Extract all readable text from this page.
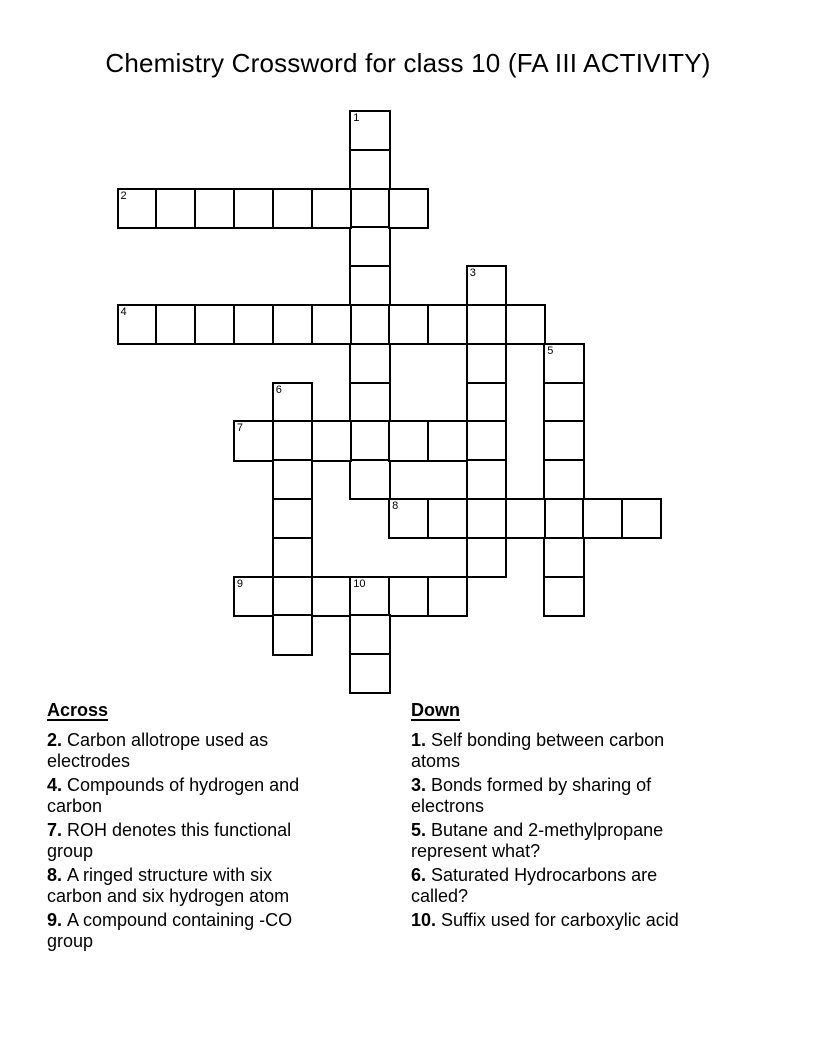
Chemistry Crossword for class 10 (FA III ACTIVITY)
1
2
3
4
5
6
7
8
9	10
Across
2. Carbon allotrope used as electrodes
4. Compounds of hydrogen and carbon
7. ROH denotes this functional group
8. A ringed structure with six carbon and six hydrogen atom
9. A compound containing -CO group
Down
1. Self bonding between carbon atoms
3. Bonds formed by sharing of electrons
5. Butane and 2-methylpropane represent what?
6. Saturated Hydrocarbons are called?
10. Suffix used for carboxylic acid
